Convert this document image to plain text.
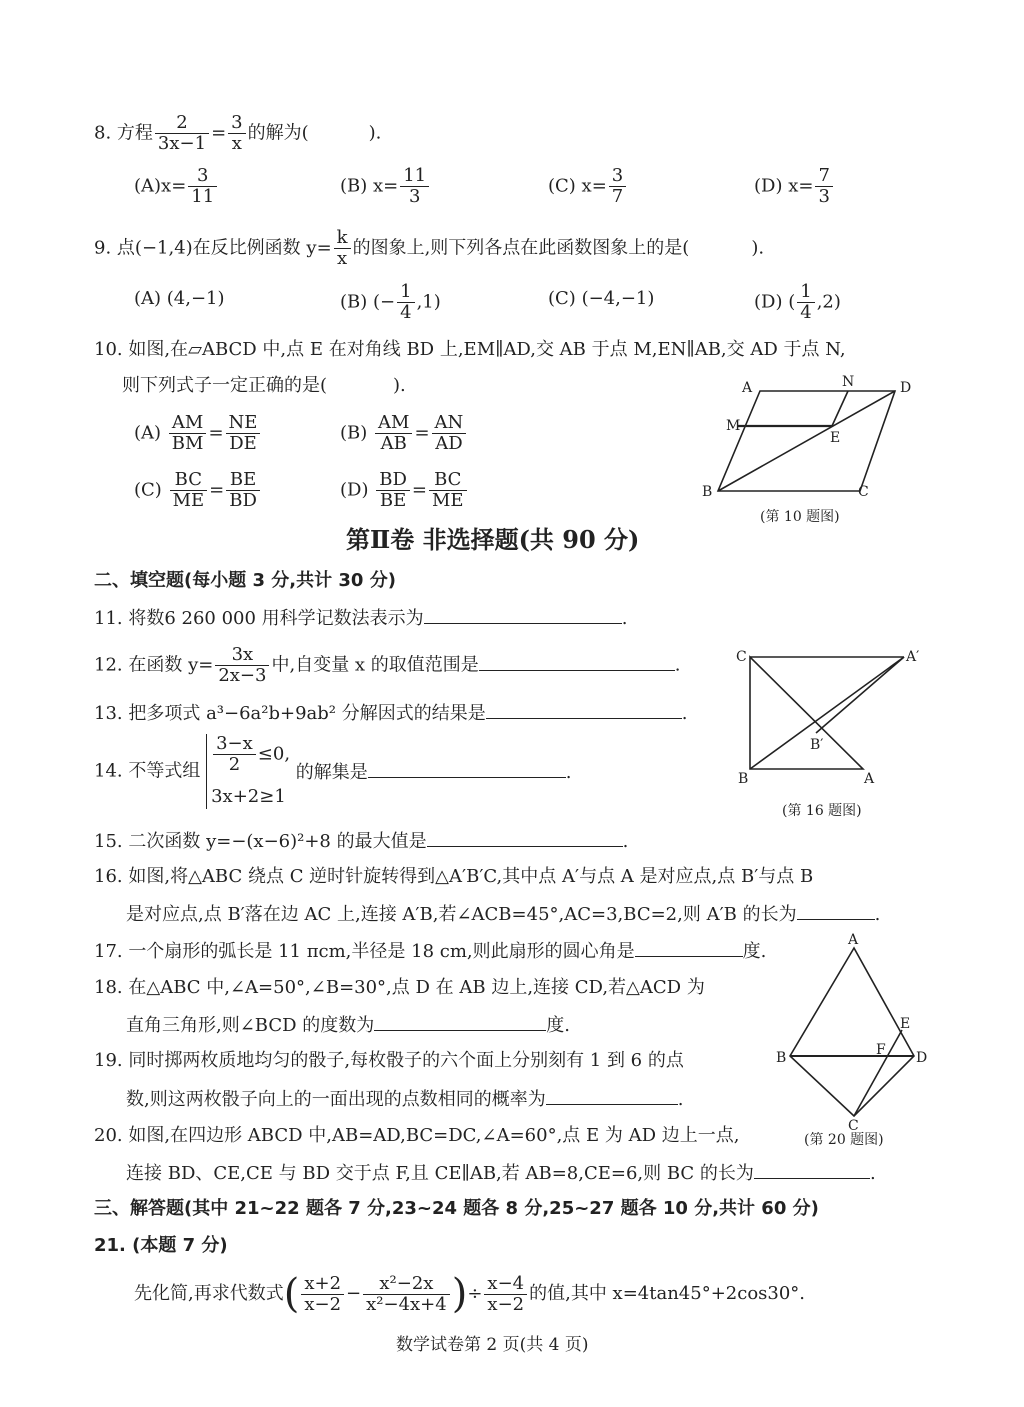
8. 方程 $\frac{2}{3x-1} = \frac{3}{x}$ 的解为(	).
$(A)x= \frac{3}{11}$	(B) $x= \frac{11}{3}$	(C) $x= \frac{3}{7}$	(D) $x= \frac{7}{3}$
9. 点(−1,4)在反比例函数 $y= \frac{k}{x}$ 的图象上,则下列各点在此函数图象上的是(	).
(A) (4,−1)	(B) (− $\frac{1}{4} ,1$)	(C) (−4,−1)	(D) ( $\frac{1}{4} ,2$)
10. 如图,在▱ABCD 中,点 E 在对角线 BD 上,EM∥AD,交 AB 于点 M,EN∥AB,交 AD 于点 N,
则下列式子一定正确的是(	).
$(A) \frac{AM}{BM} = \frac{NE}{DE}$	$(B) \frac{AM}{AB} = \frac{AN}{AD}$
$(C) \frac{BC}{ME} = \frac{BE}{BD}$	$(D) \frac{BD}{BE} = \frac{BC}{ME}$
A	N	D
M
E
B	C
(第 10 题图)
第Ⅱ卷 非选择题(共 90 分)
二、填空题(每小题 3 分,共计 30 分)
11. 将数6 260 000 用科学记数法表示为	.
12. 在函数 $y= \frac{3x}{2x-3}$ 中,自变量 x 的取值范围是	.
13. 把多项式 a³−6a²b+9ab² 分解因式的结果是	.
14. 不等式组 $\frac{3-x}{2} \le 0$,
3x+2≥1
的解集是	.
C	A′
B′
B	A
(第 16 题图)
15. 二次函数 y=−(x−6)²+8 的最大值是	.
16. 如图,将△ABC 绕点 C 逆时针旋转得到△A′B′C,其中点 A′与点 A 是对应点,点 B′与点 B
是对应点,点 B′落在边 AC 上,连接 A′B,若∠ACB=45°,AC=3,BC=2,则 A′B 的长为	.
17. 一个扇形的弧长是 11 πcm,半径是 18 cm,则此扇形的圆心角是	度.
18. 在△ABC 中,∠A=50°,∠B=30°,点 D 在 AB 边上,连接 CD,若△ACD 为
直角三角形,则∠BCD 的度数为	度.
19. 同时掷两枚质地均匀的骰子,每枚骰子的六个面上分别刻有 1 到 6 的点
数,则这两枚骰子向上的一面出现的点数相同的概率为	.
A
E
B	F D
C
(第 20 题图)
20. 如图,在四边形 ABCD 中,AB=AD,BC=DC,∠A=60°,点 E 为 AD 边上一点,
连接 BD、CE,CE 与 BD 交于点 F,且 CE∥AB,若 AB=8,CE=6,则 BC 的长为	.
三、解答题(其中 21~22 题各 7 分,23~24 题各 8 分,25~27 题各 10 分,共计 60 分)
21. (本题 7 分)
先化简,再求代数式( $\frac{x+2}{x-2} - \frac{\text{x²−2x}}{\text{x²−4x+4}}$ )÷ $\frac{x-4}{x-2}$ 的值,其中 x=4tan45°+2cos30°.
数学试卷第 2 页(共 4 页)
